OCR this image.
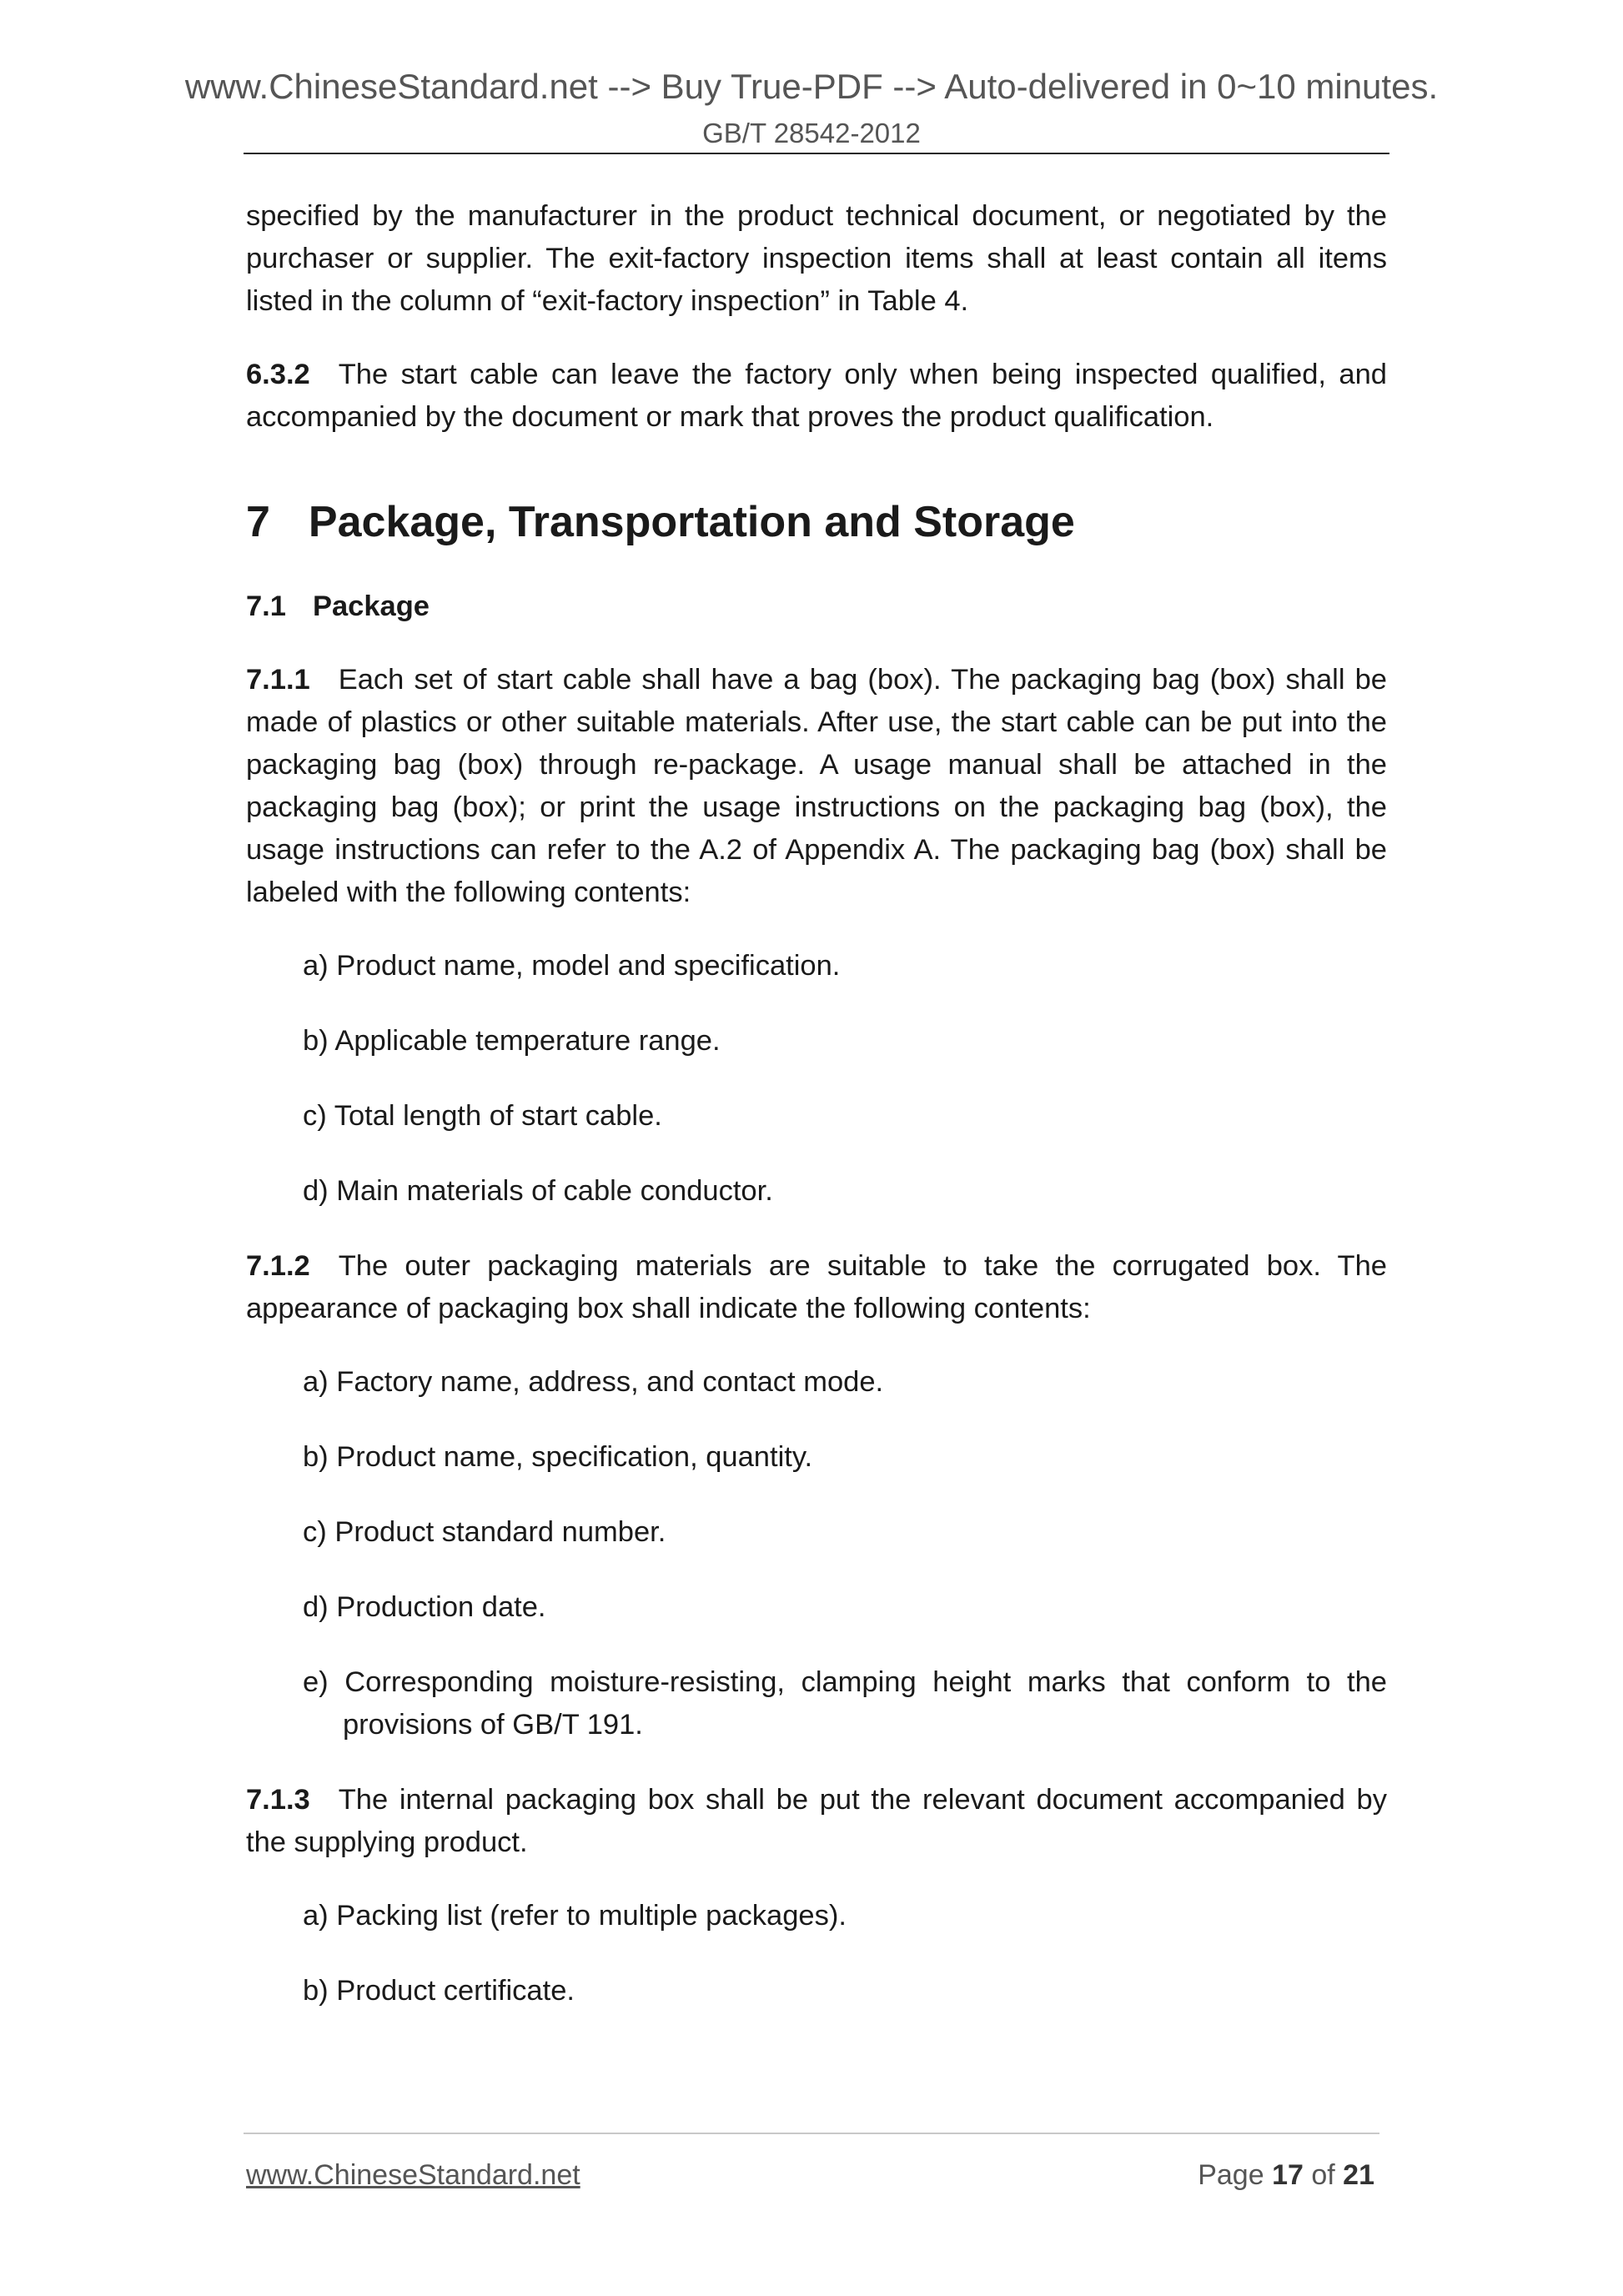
www.ChineseStandard.net --> Buy True-PDF --> Auto-delivered in 0~10 minutes.
GB/T 28542-2012

specified by the manufacturer in the product technical document, or negotiated by the purchaser or supplier. The exit-factory inspection items shall at least contain all items listed in the column of “exit-factory inspection” in Table 4.

6.3.2 The start cable can leave the factory only when being inspected qualified, and accompanied by the document or mark that proves the product qualification.

7 Package, Transportation and Storage

7.1 Package

7.1.1 Each set of start cable shall have a bag (box). The packaging bag (box) shall be made of plastics or other suitable materials. After use, the start cable can be put into the packaging bag (box) through re-package. A usage manual shall be attached in the packaging bag (box); or print the usage instructions on the packaging bag (box), the usage instructions can refer to the A.2 of Appendix A. The packaging bag (box) shall be labeled with the following contents:

a) Product name, model and specification.

b) Applicable temperature range.

c) Total length of start cable.

d) Main materials of cable conductor.

7.1.2 The outer packaging materials are suitable to take the corrugated box. The appearance of packaging box shall indicate the following contents:

a) Factory name, address, and contact mode.

b) Product name, specification, quantity.

c) Product standard number.

d) Production date.

e) Corresponding moisture-resisting, clamping height marks that conform to the provisions of GB/T 191.

7.1.3 The internal packaging box shall be put the relevant document accompanied by the supplying product.

a) Packing list (refer to multiple packages).

b) Product certificate.

www.ChineseStandard.net	Page 17 of 21
